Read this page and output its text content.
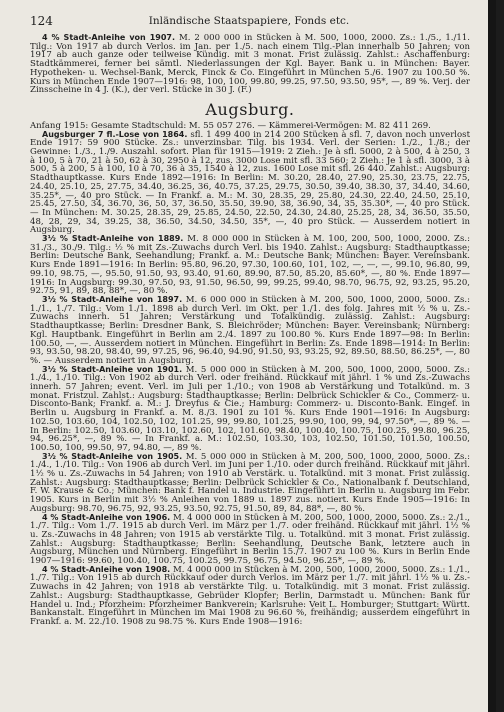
124	Inländische Staatspapiere, Fonds etc.

4 % Stadt-Anleihe von 1907. M. 2 000 000 in Stücken à M. 500, 1000, 2000. Zs.: 1./5., 1./11. Tilg.: Von 1917 ab durch Verlos. im Jan. per 1./5. nach einem Tilg.-Plan innerhalb 50 Jahren; von 1917 ab auch ganze oder teilweise Kündig. mit 3 monat. Frist zulässig. Zahlst.: Aschaffenburg: Stadtkämmerei, ferner bei sämtl. Niederlassungen der Kgl. Bayer. Bank u. in München: Bayer. Hypotheken- u. Wechsel-Bank, Merck, Finck & Co. Eingeführt in München 5./6. 1907 zu 100.50 %. Kurs in München Ende 1907—1916: 98, 100, 100, 99.80, 99.25, 97.50, 93.50, 95*, —, 89 %. Verj. der Zinsscheine in 4 J. (K.), der verl. Stücke in 30 J. (F.)

Augsburg.

Anfang 1915: Gesamte Stadtschuld: M. 55 057 276. — Kämmerei-Vermögen: M. 82 411 269.

Augsburger 7 fl.-Lose von 1864. sfl. 1 499 400 in 214 200 Stücken à sfl. 7, davon noch unverlost Ende 1917: 59 900 Stücke. Zs.: unverzinsbar. Tilg. bis 1934. Verl. der Serien: 1./2., 1./8.; der Gewinne: 1./3., 1./9. Auszahl. sofort. Plan für 1915—1919: 2 Zieh.: Je à sfl. 5000, 2 à 500, 4 à 250, 3 à 100, 5 à 70, 21 à 50, 62 à 30, 2950 à 12, zus. 3000 Lose mit sfl. 33 560; 2 Zieh.: Je 1 à sfl. 3000, 3 à 500, 5 à 200, 5 à 100, 10 à 70, 36 à 35, 1540 à 12, zus. 1600 Lose mit sfl. 26 440. Zahlst.: Augsburg: Stadthauptkasse. Kurs Ende 1892—1916: In Berlin: M. 30.20, 28.40, 27.90, 25.30, 23.75, 22.75, 24.40, 25.10, 25, 27.75, 34.40, 36.25, 36, 40.75, 37.25, 29.75, 30.50, 39.40, 38.30, 37, 34.40, 34.60, 35.25*, —, 40 pro Stück. — In Frankf. a. M.: M. 30, 28.35, 29, 25.80, 24.30, 22.40, 24.50, 25.10, 25.45, 27.50, 34, 36.70, 36, 50, 37, 36.50, 35.50, 39.90, 38, 36.90, 34, 35, 35.30*, —, 40 pro Stück. — In München: M. 30.25, 28.35, 29, 25.85, 24.50, 22.50, 24.30, 24.80, 25.25, 28, 34, 36.50, 35.50, 48, 28, 29, 34, 39.25, 38, 36.50, 34.50, 34.50, 35*, —, 40 pro Stück. — Ausserdem notiert in Augsburg.

3½ % Stadt-Anleihe von 1889. M. 8 000 000 in Stücken à M. 100, 200, 500, 1000, 2000. Zs.: 31./3., 30./9. Tilg.: ½ % mit Zs.-Zuwachs durch Verl. bis 1940. Zahlst.: Augsburg: Stadthauptkasse; Berlin: Deutsche Bank, Seehandlung; Frankf. a. M.: Deutsche Bank; München: Bayer. Vereinsbank. Kurs Ende 1891—1916: In Berlin: 95.80, 96.20, 97.30, 100.60, 101, 102, —, —, —, 99.10, 96.80, 99, 99.10, 98.75, —, 95.50, 91.50, 93, 93.40, 91.60, 89.90, 87.50, 85.20, 85.60*, —, 80 %. Ende 1897—1916: In Augsburg: 99.30, 97.50, 93, 91.50, 96.50, 99, 99.25, 99.40, 98.70, 96.75, 92, 93.25, 95.20, 92.75, 91, 89, 88, 88*, —, 80 %.

3½ % Stadt-Anleihe von 1897. M. 6 000 000 in Stücken à M. 200, 500, 1000, 2000, 5000. Zs.: 1./1., 1./7. Tilg.: Vom 1./1. 1898 ab durch Verl. im Okt. per 1./1. des folg. Jahres mit ½ % u. Zs.-Zuwachs innerh. 51 Jahren; Verstärkung und Totalkündig. zulässig. Zahlst.: Augsburg: Stadthauptkasse; Berlin: Dresdner Bank, S. Bleichröder; München: Bayer. Vereinsbank; Nürnberg: Kgl. Hauptbank. Eingeführt in Berlin am 2./4. 1897 zu 100.80 %. Kurs Ende 1897—98: In Berlin: 100.50, —, —. Ausserdem notiert in München. Eingeführt in Berlin: Zs. Ende 1898—1914: In Berlin: 93, 93.50, 98.20, 98.40, 99, 97.25, 96, 96.40, 94.90, 91.50, 93, 93.25, 92, 89.50, 88.50, 86.25*, —, 80 %. — Ausserdem notiert in Augsburg.

3½ % Stadt-Anleihe von 1901. M. 5 000 000 in Stücken à M. 200, 500, 1000, 2000, 5000. Zs.: 1./4., 1./10. Tilg.: Von 1902 ab durch Verl. oder freihänd. Rückkauf mit jährl. 1 % und Zs.-Zuwachs innerh. 57 Jahren; event. Verl. im Juli per 1./10.; von 1908 ab Verstärkung und Totalkünd. m. 3 monat. Fristzul. Zahlst.: Augsburg: Stadthauptkasse; Berlin: Delbrück Schickler & Co., Commerz- u. Disconto-Bank; Frankf. a. M.: J. Dreyfus & Cie.; Hamburg: Commerz- u. Disconto-Bank. Eingef. in Berlin u. Augsburg in Frankf. a. M. 8./3. 1901 zu 101 %. Kurs Ende 1901—1916: In Augsburg: 102.50, 103.60, 104, 102.50, 102, 101.25, 99, 99.80, 101.25, 99.90, 100, 99, 94, 97.50*, —, 89 %. — In Berlin: 102.50, 103.60, 103.10, 102.60, 102, 101.60, 98.40, 100.40, 100.75, 100.25, 99.80, 96.25, 94, 96.25*, —, 89 %. — In Frankf. a. M.: 102.50, 103.30, 103, 102.50, 101.50, 101.50, 100.50, 100.50, 100, 99.50, 97, 94.80, —, 89 %.

3½ % Stadt-Anleihe von 1905. M. 5 000 000 in Stücken à M. 200, 500, 1000, 2000, 5000. Zs.: 1./4., 1./10. Tilg.: Von 1906 ab durch Verl. im Juni per 1./10. oder durch freihänd. Rückkauf mit jährl. 1½ % u. Zs.-Zuwachs in 54 Jahren; von 1910 ab Verstärk. u. Totalkünd. mit 3 monat. Frist zulässig. Zahlst.: Augsburg: Stadthauptkasse; Berlin: Delbrück Schickler & Co., Nationalbank f. Deutschland, F. W. Krause & Co.; München: Bank f. Handel u. Industrie. Eingeführt in Berlin u. Augsburg im Febr. 1905. Kurs in Berlin mit 3½ % Anleihen von 1889 u. 1897 zus. notiert. Kurs Ende 1905—1916: In Augsburg: 98.70, 96.75, 92, 93.25, 93.50, 92.75, 91.50, 89, 84, 88*, —, 80 %.

4 % Stadt-Anleihe von 1906. M. 4 000 000 in Stücken à M. 200, 500, 1000, 2000, 5000. Zs.: 2./1., 1./7. Tilg.: Vom 1./7. 1915 ab durch Verl. im März per 1./7. oder freihänd. Rückkauf mit jährl. 1½ % u. Zs.-Zuwachs in 48 Jahren; von 1915 ab verstärkte Tilg. u. Totalkünd. mit 3 monat. Frist zulässig. Zahlst.: Augsburg: Stadthauptkasse; Berlin: Seehandlung, Deutsche Bank, letztere auch in Augsburg, München und Nürnberg. Eingeführt in Berlin 15./7. 1907 zu 100 %. Kurs in Berlin Ende 1907—1916: 99.60, 100.40, 100.75, 100.25, 99.75, 96.75, 94.50, 96.25*, —, 89 %.

4 % Stadt-Anleihe von 1908. M. 4 000 000 in Stücken à M. 200, 500, 1000, 2000, 5000. Zs.: 1./1., 1./7. Tilg.: Von 1915 ab durch Rückkauf oder durch Verlos. im März per 1./7. mit jährl. 1½ % u. Zs.-Zuwachs in 42 Jahren; von 1918 ab verstärkte Tilg. u. Totalkündig. mit 3 monat. Frist zulässig. Zahlst.: Augsburg: Stadthauptkasse, Gebrüder Klopfer; Berlin, Darmstadt u. München: Bank für Handel u. Ind.; Pforzheim: Pforzheimer Bankverein; Karlsruhe: Veit L. Homburger; Stuttgart: Württ. Bankanstalt. Eingeführt in München im Mai 1908 zu 96.60 %, freihändig; ausserdem eingeführt in Frankf. a. M. 22./10. 1908 zu 98.75 %. Kurs Ende 1908—1916:
